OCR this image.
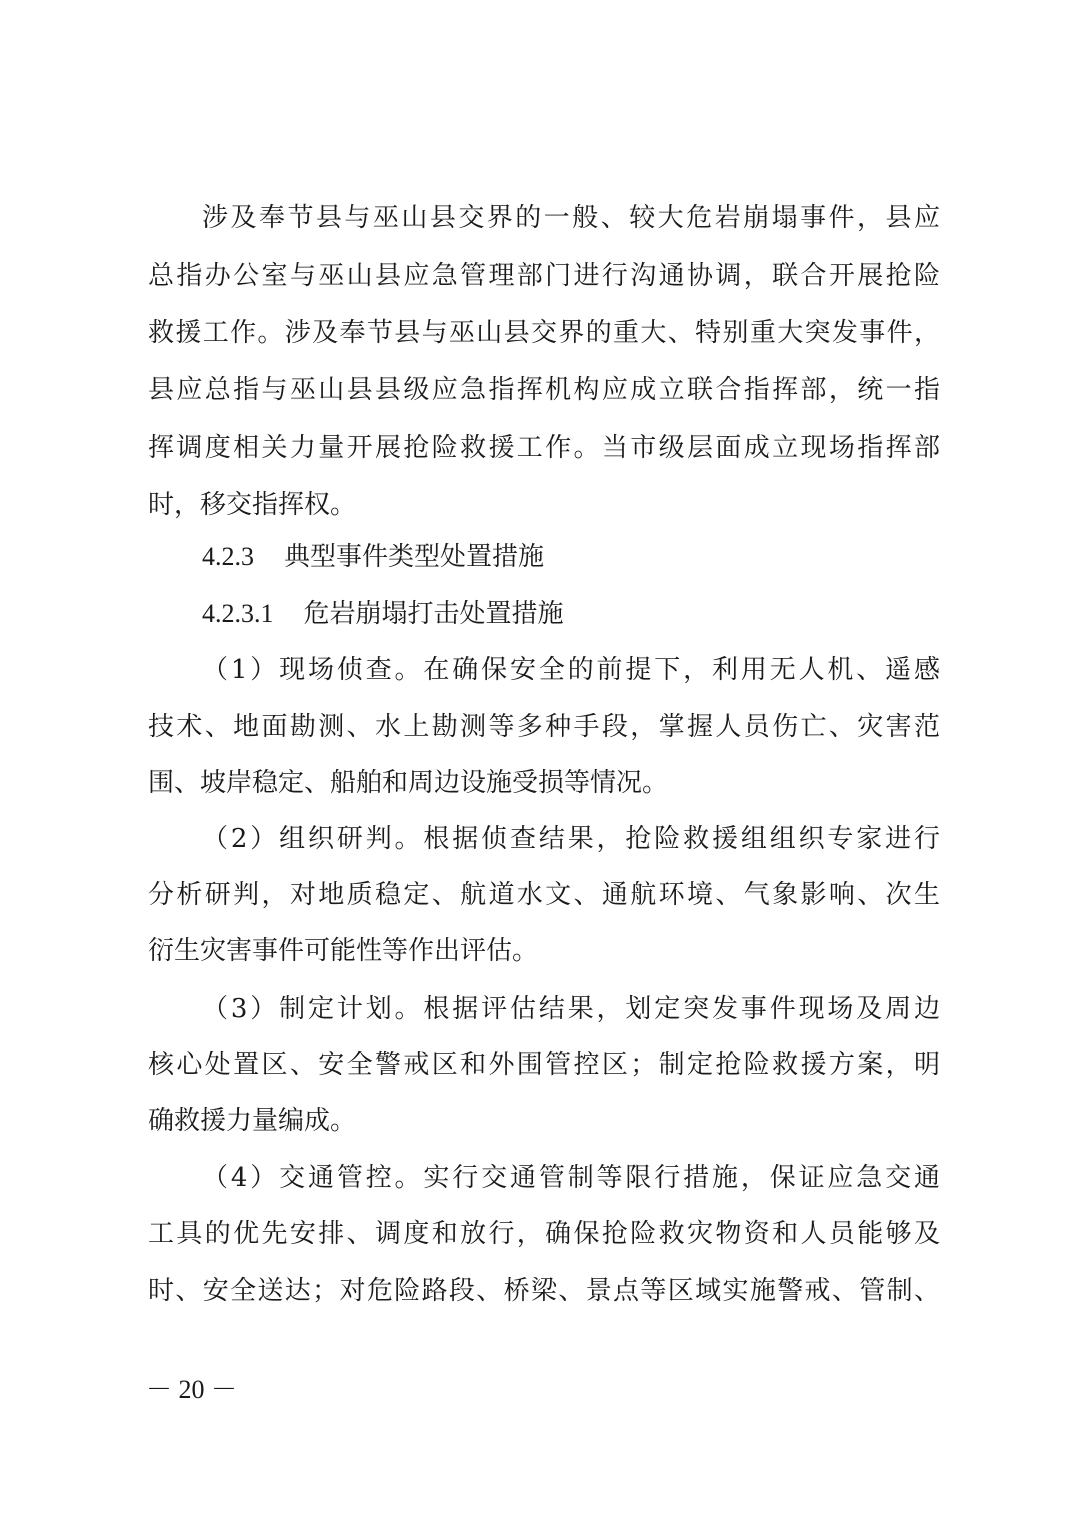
涉及奉节县与巫山县交界的一般、较大危岩崩塌事件，县应
总指办公室与巫山县应急管理部门进行沟通协调，联合开展抢险
救援工作。涉及奉节县与巫山县交界的重大、特别重大突发事件，
县应总指与巫山县县级应急指挥机构应成立联合指挥部，统一指
挥调度相关力量开展抢险救援工作。当市级层面成立现场指挥部
时，移交指挥权。
4.2.3 典型事件类型处置措施
4.2.3.1 危岩崩塌打击处置措施
（1）现场侦查。在确保安全的前提下，利用无人机、遥感
技术、地面勘测、水上勘测等多种手段，掌握人员伤亡、灾害范
围、坡岸稳定、船舶和周边设施受损等情况。
（2）组织研判。根据侦查结果，抢险救援组组织专家进行
分析研判，对地质稳定、航道水文、通航环境、气象影响、次生
衍生灾害事件可能性等作出评估。
（3）制定计划。根据评估结果，划定突发事件现场及周边
核心处置区、安全警戒区和外围管控区；制定抢险救援方案，明
确救援力量编成。
（4）交通管控。实行交通管制等限行措施，保证应急交通
工具的优先安排、调度和放行，确保抢险救灾物资和人员能够及
时、安全送达；对危险路段、桥梁、景点等区域实施警戒、管制、
－ 20 －
